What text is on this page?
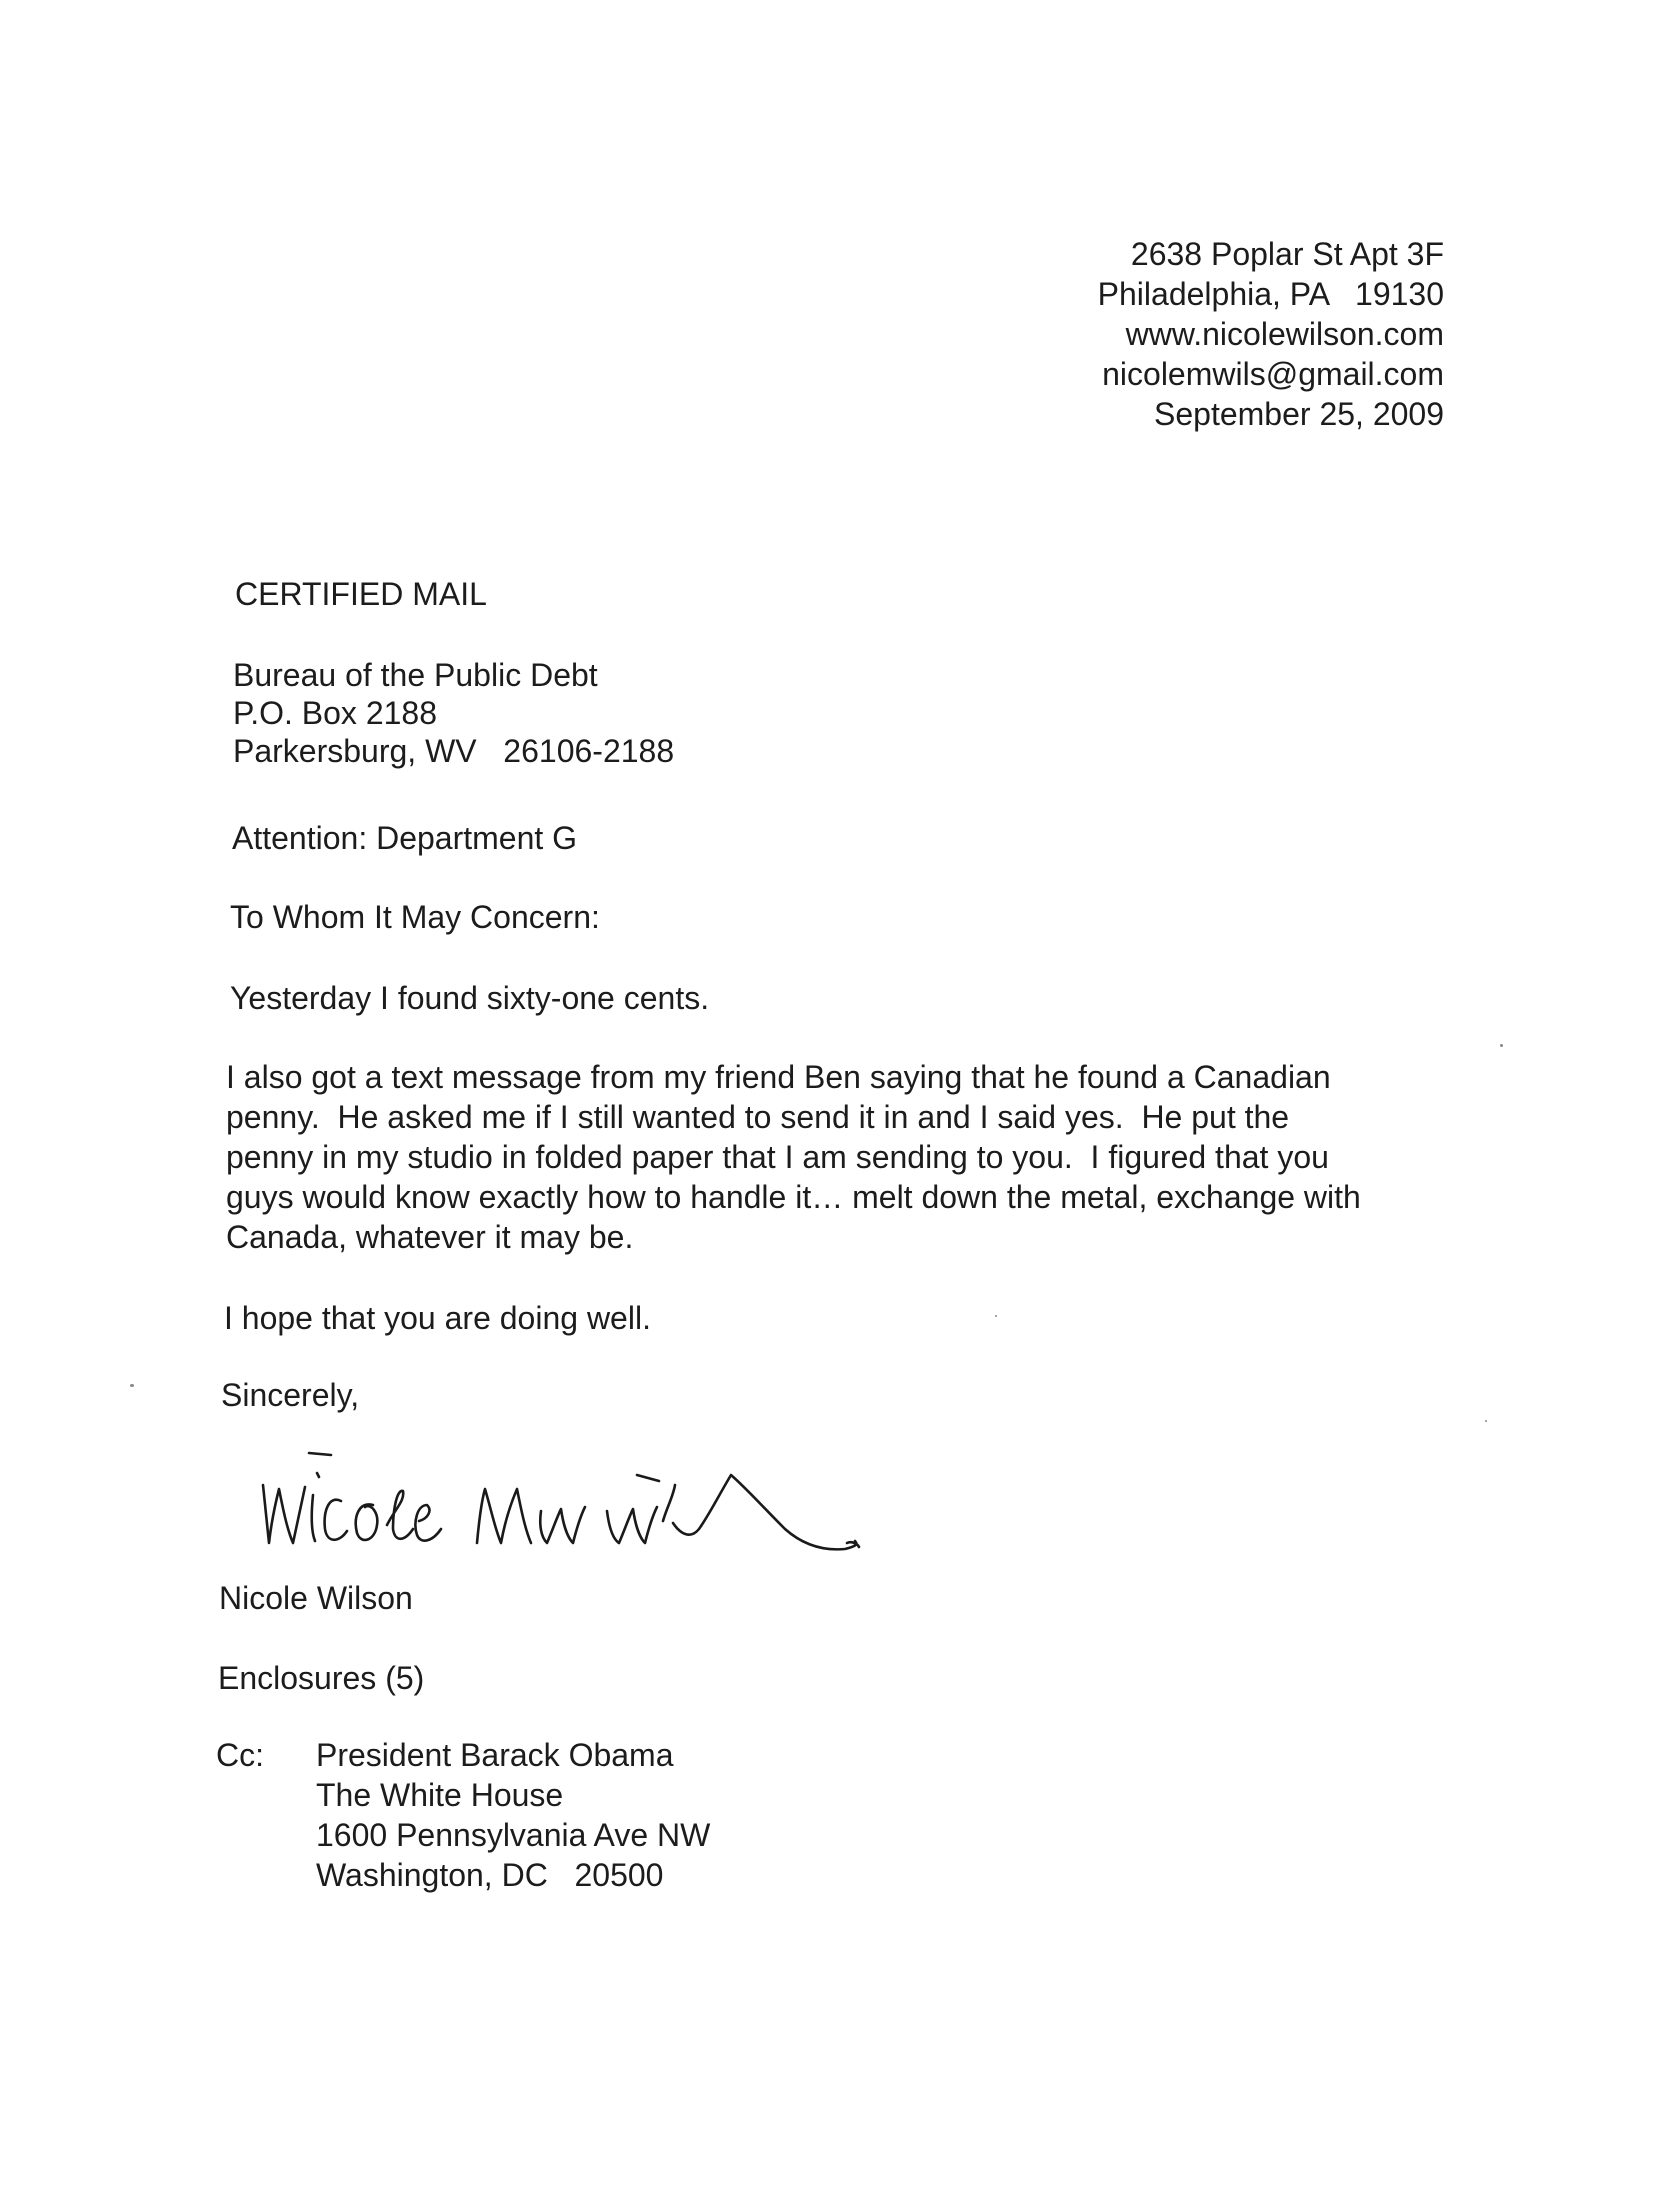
2638 Poplar St Apt 3F
Philadelphia, PA   19130
www.nicolewilson.com
nicolemwils@gmail.com
September 25, 2009
CERTIFIED MAIL
Bureau of the Public Debt
P.O. Box 2188
Parkersburg, WV   26106-2188
Attention: Department G
To Whom It May Concern:
Yesterday I found sixty-one cents.
I also got a text message from my friend Ben saying that he found a Canadian
penny.  He asked me if I still wanted to send it in and I said yes.  He put the
penny in my studio in folded paper that I am sending to you.  I figured that you
guys would know exactly how to handle it… melt down the metal, exchange with
Canada, whatever it may be.
I hope that you are doing well.
Sincerely,
Nicole Wilson
Enclosures (5)
Cc: President Barack Obama
The White House
1600 Pennsylvania Ave NW
Washington, DC   20500
